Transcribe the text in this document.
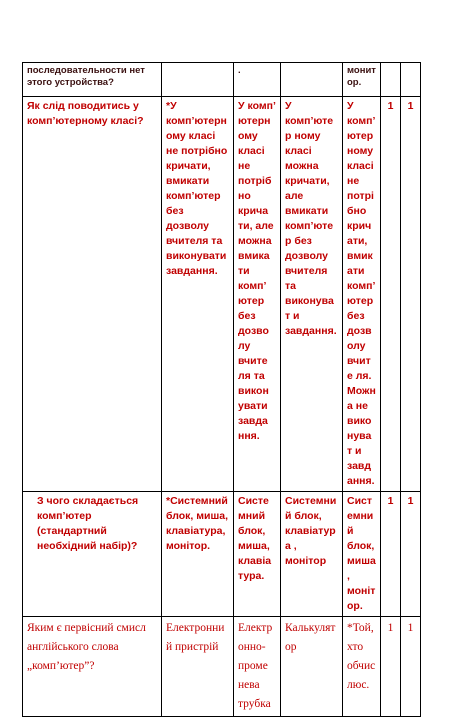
последовательности нет этого устройства?		.		монит ор.		
Як слід поводитись у комп’ютерному класі?	*У комп’ютерн ому класі не потрібно кричати, вмикати комп’ютер без дозволу вчителя та виконувати завдання.	У комп’ ютерн ому класі не потріб но крича ти, але можна вмика ти комп’ ютер без дозво лу вчите ля та викон увати завда ння.	У комп’ютер ному класі можна кричати, але вмикати комп’ютер без дозволу вчителя та виконуват и завдання.	У комп’ ютер ному класі не потрі бно крич ати, вмик ати комп’ ютер без дозв олу вчите ля. Можн а не вико нуват и завд ання.	1	1
З чого складається комп’ютер (стандартний необхідний набір)?	*Системний блок, миша, клавіатура, монітор.	Систе мний блок, миша, клавіа тура.	Системни й блок, клавіатура , монітор	Сист емни й блок, миша , моніт ор.	1	1
Яким є первісний смисл англійського слова „комп’ютер”?	Електронни й пристрій	Електр онно-проме нева трубка	Калькулят ор	*Той, хто обчис люс.	1	1
